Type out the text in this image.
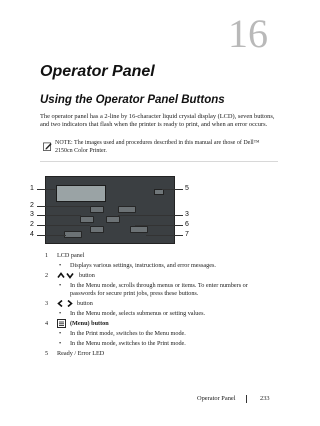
16
Operator Panel
Using the Operator Panel Buttons
The operator panel has a 2-line by 16-character liquid crystal display (LCD), seven buttons, and two indicators that flash when the printer is ready to print, and when an error occurs.
NOTE: The images used and procedures described in this manual are those of Dell™ 2150cn Color Printer.
1
2
3
2
4
5
3
6
7
1 LCD panel
• Displays various settings, instructions, and error messages.
2	button
• In the Menu mode, scrolls through menus or items. To enter numbers or passwords for secure print jobs, press these buttons.
3	button
• In the Menu mode, selects submenus or setting values.
4	(Menu) button
• In the Print mode, switches to the Menu mode.
• In the Menu mode, switches to the Print mode.
5 Ready / Error LED
Operator Panel	233
